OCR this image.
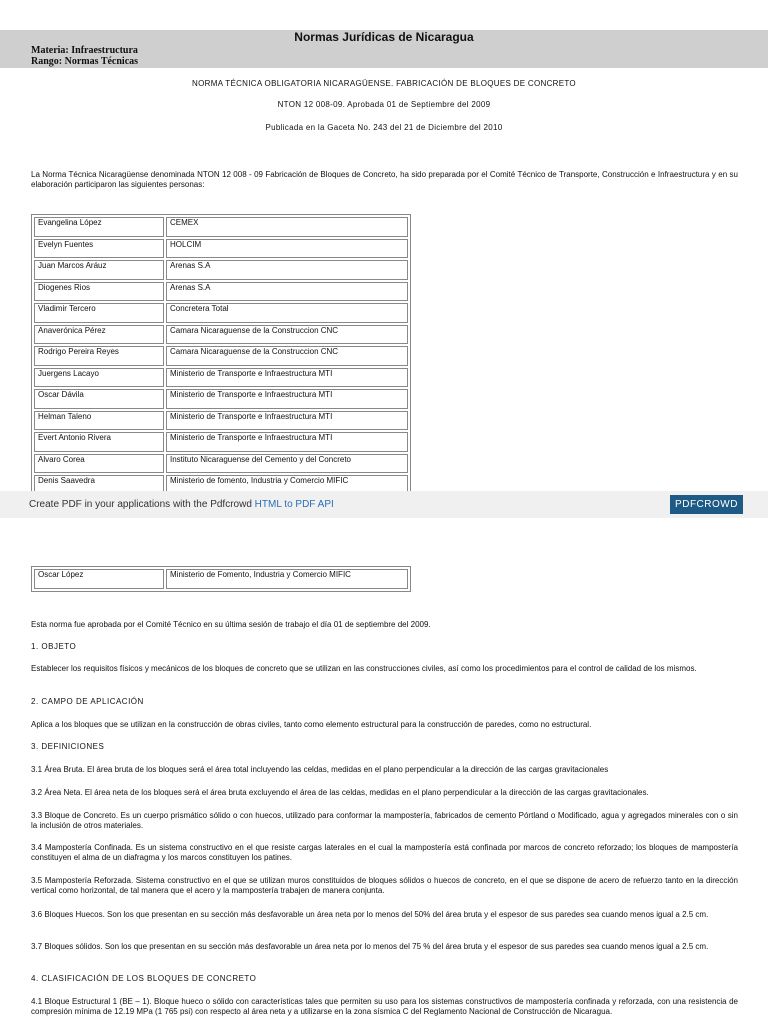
Normas Jurídicas de Nicaragua
Materia: Infraestructura
Rango: Normas Técnicas
NORMA TÉCNICA OBLIGATORIA NICARAGÜENSE. FABRICACIÓN DE BLOQUES DE CONCRETO
NTON 12 008-09. Aprobada 01 de Septiembre del 2009
Publicada en la Gaceta No. 243 del 21 de Diciembre del 2010
La Norma Técnica Nicaragüense denominada NTON 12 008 - 09 Fabricación de Bloques de Concreto, ha sido preparada por el Comité Técnico de Transporte, Construcción e Infraestructura y en su elaboración participaron las siguientes personas:
Evangelina López	CEMEX
Evelyn Fuentes	HOLCIM
Juan Marcos Aráuz	Arenas S.A
Diogenes Rios	Arenas S.A
Vladimir Tercero	Concretera Total
Anaverónica Pérez	Camara Nicaraguense de la Construccion CNC
Rodrigo Pereira Reyes	Camara Nicaraguense de la Construccion CNC
Juergens Lacayo	Ministerio de Transporte e Infraestructura MTI
Oscar Dávila	Ministerio de Transporte e Infraestructura MTI
Helman Taleno	Ministerio de Transporte e Infraestructura MTI
Evert Antonio Rivera	Ministerio de Transporte e Infraestructura MTI
Alvaro Corea	Instituto Nicaraguense del Cemento y del Concreto
Denis Saavedra	Ministerio de fomento, Industria y Comercio MIFIC
Create PDF in your applications with the Pdfcrowd HTML to PDF API	PDFCROWD
Oscar López	Ministerio de Fomento, Industria y Comercio MIFIC
Esta norma fue aprobada por el Comité Técnico en su última sesión de trabajo el día 01 de septiembre del 2009.
1. OBJETO
Establecer los requisitos físicos y mecánicos de los bloques de concreto que se utilizan en las construcciones civiles, así como los procedimientos para el control de calidad de los mismos.
2. CAMPO DE APLICACIÓN
Aplica a los bloques que se utilizan en la construcción de obras civiles, tanto como elemento estructural para la construcción de paredes, como no estructural.
3. DEFINICIONES
3.1 Área Bruta. El área bruta de los bloques será el área total incluyendo las celdas, medidas en el plano perpendicular a la dirección de las cargas gravitacionales
3.2 Área Neta. El área neta de los bloques será el área bruta excluyendo el área de las celdas, medidas en el plano perpendicular a la dirección de las cargas gravitacionales.
3.3 Bloque de Concreto. Es un cuerpo prismático sólido o con huecos, utilizado para conformar la mampostería, fabricados de cemento Pórtland o Modificado, agua y agregados minerales con o sin la inclusión de otros materiales.
3.4 Mampostería Confinada. Es un sistema constructivo en el que resiste cargas laterales en el cual la mampostería está confinada por marcos de concreto reforzado; los bloques de mampostería constituyen el alma de un diafragma y los marcos constituyen los patines.
3.5 Mampostería Reforzada. Sistema constructivo en el que se utilizan muros constituidos de bloques sólidos o huecos de concreto, en el que se dispone de acero de refuerzo tanto en la dirección vertical como horizontal, de tal manera que el acero y la mampostería trabajen de manera conjunta.
3.6 Bloques Huecos. Son los que presentan en su sección más desfavorable un área neta por lo menos del 50% del área bruta y el espesor de sus paredes sea cuando menos igual a 2.5 cm.
3.7 Bloques sólidos. Son los que presentan en su sección más desfavorable un área neta por lo menos del 75 % del área bruta y el espesor de sus paredes sea cuando menos igual a 2.5 cm.
4. CLASIFICACIÓN DE LOS BLOQUES DE CONCRETO
4.1 Bloque Estructural 1 (BE – 1). Bloque hueco o sólido con características tales que permiten su uso para los sistemas constructivos de mampostería confinada y reforzada, con una resistencia de compresión mínima de 12.19 MPa (1 765 psi) con respecto al área neta y a utilizarse en la zona sísmica C del Reglamento Nacional de Construcción de Nicaragua.
